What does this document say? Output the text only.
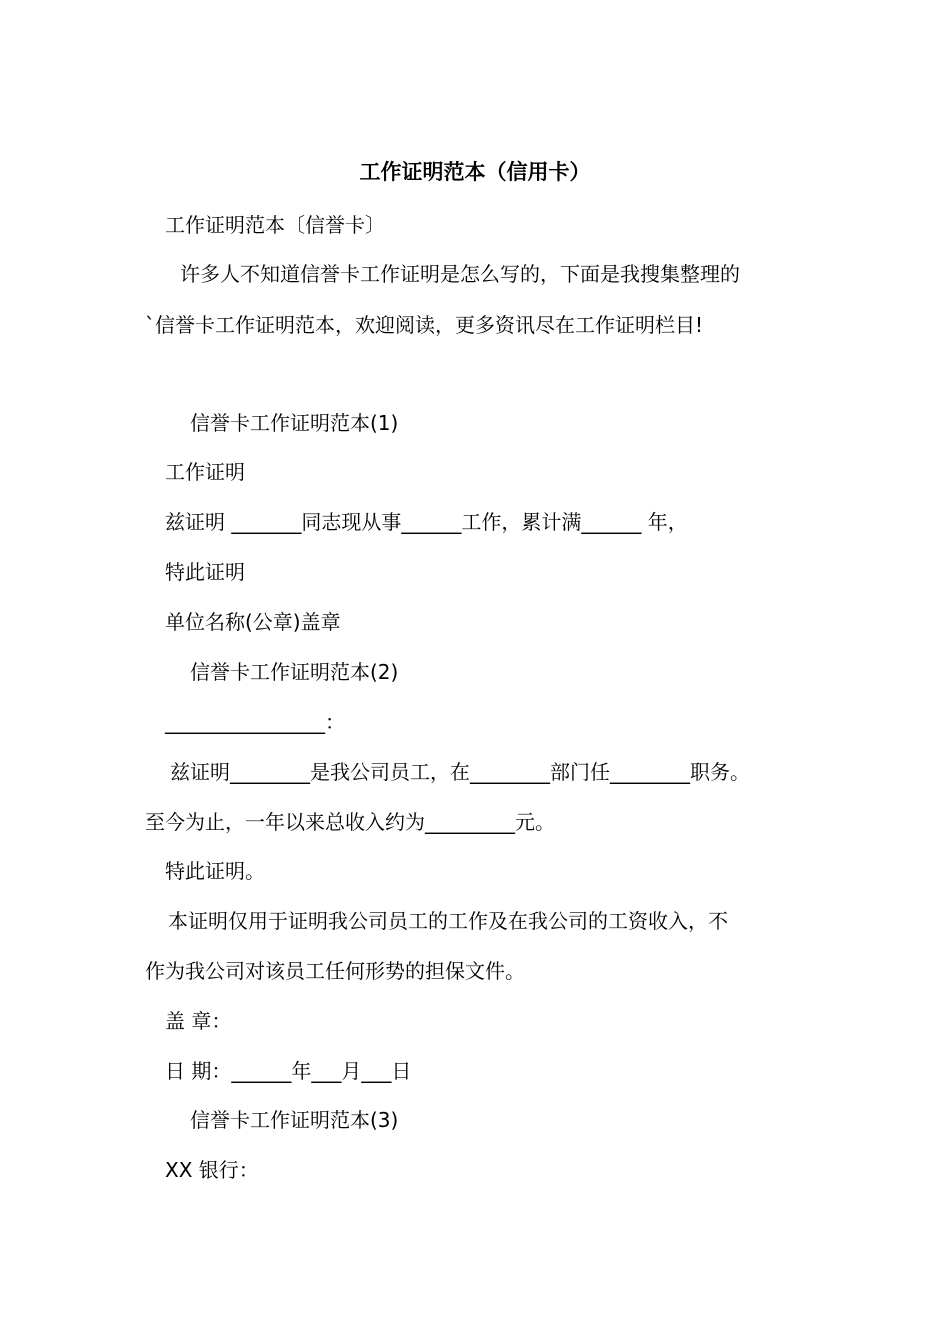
工作证明范本（信用卡）
工作证明范本〔信誉卡〕
许多人不知道信誉卡工作证明是怎么写的，下面是我搜集整理的
`信誉卡工作证明范本，欢迎阅读，更多资讯尽在工作证明栏目!
信誉卡工作证明范本(1)
工作证明
兹证明 _______同志现从事______工作，累计满______ 年，
特此证明
单位名称(公章)盖章
信誉卡工作证明范本(2)
________________：
兹证明________是我公司员工，在________部门任________职务。
至今为止，一年以来总收入约为_________元。
特此证明。
本证明仅用于证明我公司员工的工作及在我公司的工资收入，不
作为我公司对该员工任何形势的担保文件。
盖 章：
日 期：______年___月___日
信誉卡工作证明范本(3)
XX 银行：
